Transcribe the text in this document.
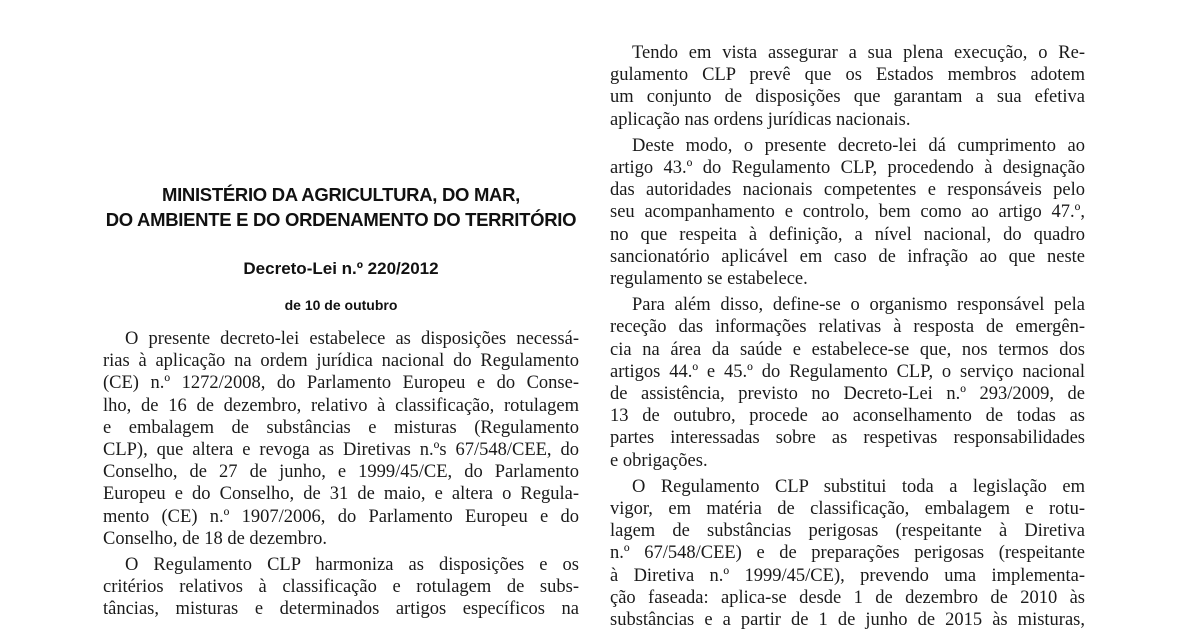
MINISTÉRIO DA AGRICULTURA, DO MAR,
DO AMBIENTE E DO ORDENAMENTO DO TERRITÓRIO
Decreto-Lei n.º 220/2012
de 10 de outubro
O presente decreto-lei estabelece as disposições necessá-
rias à aplicação na ordem jurídica nacional do Regulamento
(CE) n.º 1272/2008, do Parlamento Europeu e do Conse-
lho, de 16 de dezembro, relativo à classificação, rotulagem
e embalagem de substâncias e misturas (Regulamento
CLP), que altera e revoga as Diretivas n.ºs 67/548/CEE, do
Conselho, de 27 de junho, e 1999/45/CE, do Parlamento
Europeu e do Conselho, de 31 de maio, e altera o Regula-
mento (CE) n.º 1907/2006, do Parlamento Europeu e do
Conselho, de 18 de dezembro.
O Regulamento CLP harmoniza as disposições e os
critérios relativos à classificação e rotulagem de subs-
tâncias, misturas e determinados artigos específicos na
Tendo em vista assegurar a sua plena execução, o Re-
gulamento CLP prevê que os Estados membros adotem
um conjunto de disposições que garantam a sua efetiva
aplicação nas ordens jurídicas nacionais.
Deste modo, o presente decreto-lei dá cumprimento ao
artigo 43.º do Regulamento CLP, procedendo à designação
das autoridades nacionais competentes e responsáveis pelo
seu acompanhamento e controlo, bem como ao artigo 47.º,
no que respeita à definição, a nível nacional, do quadro
sancionatório aplicável em caso de infração ao que neste
regulamento se estabelece.
Para além disso, define-se o organismo responsável pela
receção das informações relativas à resposta de emergên-
cia na área da saúde e estabelece-se que, nos termos dos
artigos 44.º e 45.º do Regulamento CLP, o serviço nacional
de assistência, previsto no Decreto-Lei n.º 293/2009, de
13 de outubro, procede ao aconselhamento de todas as
partes interessadas sobre as respetivas responsabilidades
e obrigações.
O Regulamento CLP substitui toda a legislação em
vigor, em matéria de classificação, embalagem e rotu-
lagem de substâncias perigosas (respeitante à Diretiva
n.º 67/548/CEE) e de preparações perigosas (respeitante
à Diretiva n.º 1999/45/CE), prevendo uma implementa-
ção faseada: aplica-se desde 1 de dezembro de 2010 às
substâncias e a partir de 1 de junho de 2015 às misturas,
